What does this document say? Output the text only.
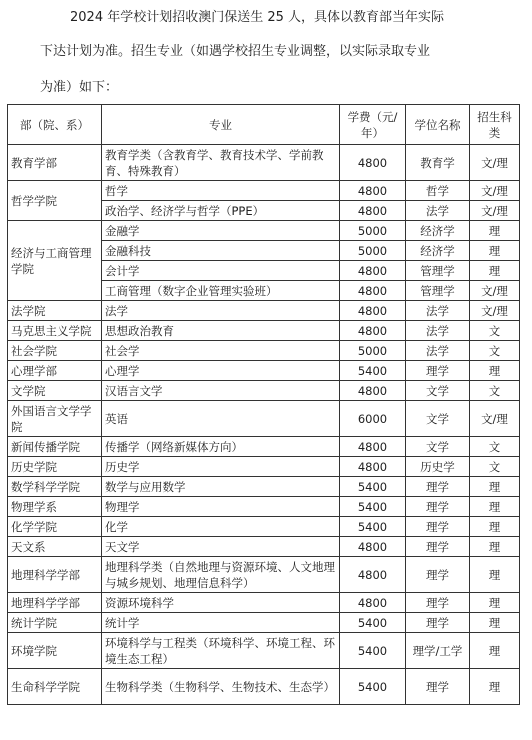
2024 年学校计划招收澳门保送生 25 人，具体以教育部当年实际
下达计划为准。招生专业（如遇学校招生专业调整，以实际录取专业
为准）如下：
部（院、系）	专业	学费（元/年）	学位名称	招生科类
教育学部	教育学类（含教育学、教育技术学、学前教育、特殊教育）	4800	教育学	文/理
哲学学院	哲学	4800	哲学	文/理
	政治学、经济学与哲学（PPE）	4800	法学	文/理
经济与工商管理学院	金融学	5000	经济学	理
	金融科技	5000	经济学	理
	会计学	4800	管理学	理
	工商管理（数字企业管理实验班）	4800	管理学	文/理
法学院	法学	4800	法学	文/理
马克思主义学院	思想政治教育	4800	法学	文
社会学院	社会学	5000	法学	文
心理学部	心理学	5400	理学	理
文学院	汉语言文学	4800	文学	文
外国语言文学学院	英语	6000	文学	文/理
新闻传播学院	传播学（网络新媒体方向）	4800	文学	文
历史学院	历史学	4800	历史学	文
数学科学学院	数学与应用数学	5400	理学	理
物理学系	物理学	5400	理学	理
化学学院	化学	5400	理学	理
天文系	天文学	4800	理学	理
地理科学学部	地理科学类（自然地理与资源环境、人文地理与城乡规划、地理信息科学）	4800	理学	理
地理科学学部	资源环境科学	4800	理学	理
统计学院	统计学	5400	理学	理
环境学院	环境科学与工程类（环境科学、环境工程、环境生态工程）	5400	理学/工学	理
生命科学学院	生物科学类（生物科学、生物技术、生态学）	5400	理学	理
